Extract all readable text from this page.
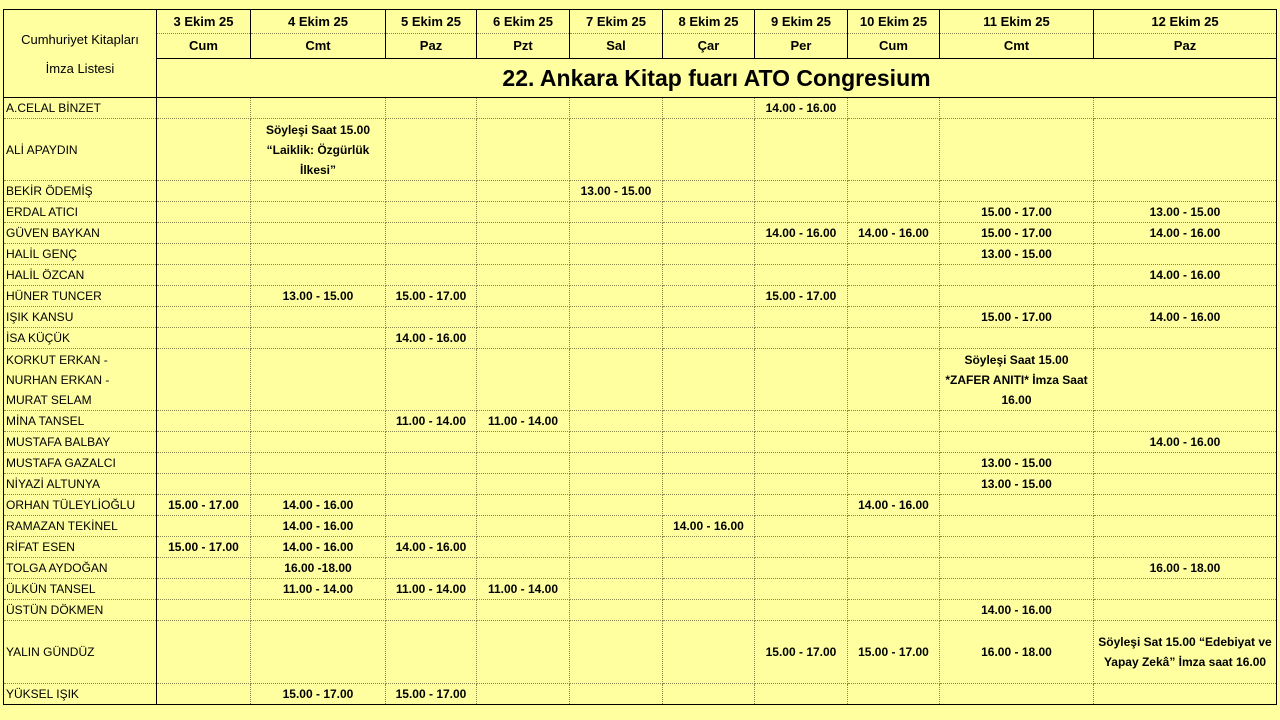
Cumhuriyet Kitapları İmza Listesi	3 Ekim 25	4 Ekim 25	5 Ekim 25	6 Ekim 25	7 Ekim 25	8 Ekim 25	9 Ekim 25	10 Ekim 25	11 Ekim 25	12 Ekim 25
	Cum	Cmt	Paz	Pzt	Sal	Çar	Per	Cum	Cmt	Paz
	22. Ankara Kitap fuarı ATO Congresium									
A.CELAL BİNZET							14.00 - 16.00			
ALİ APAYDIN		Söyleşi Saat 15.00 “Laiklik: Özgürlük İlkesi”								
BEKİR ÖDEMİŞ					13.00 - 15.00					
ERDAL ATICI									15.00 - 17.00	13.00 - 15.00
GÜVEN BAYKAN							14.00 - 16.00	14.00 - 16.00	15.00 - 17.00	14.00 - 16.00
HALİL GENÇ									13.00 - 15.00	
HALİL ÖZCAN										14.00 - 16.00
HÜNER TUNCER		13.00 - 15.00	15.00 - 17.00				15.00 - 17.00			
IŞIK KANSU									15.00 - 17.00	14.00 - 16.00
İSA KÜÇÜK			14.00 - 16.00							
KORKUT ERKAN - NURHAN ERKAN - MURAT SELAM									Söyleşi Saat 15.00 *ZAFER ANITI* İmza Saat 16.00	
MİNA TANSEL			11.00 - 14.00	11.00 - 14.00						
MUSTAFA BALBAY										14.00 - 16.00
MUSTAFA GAZALCI									13.00 - 15.00	
NİYAZİ ALTUNYA									13.00 - 15.00	
ORHAN TÜLEYLİOĞLU	15.00 - 17.00	14.00 - 16.00						14.00 - 16.00		
RAMAZAN TEKİNEL		14.00 - 16.00				14.00 - 16.00				
RİFAT ESEN	15.00 - 17.00	14.00 - 16.00	14.00 - 16.00							
TOLGA AYDOĞAN		16.00 -18.00								16.00 - 18.00
ÜLKÜN TANSEL		11.00 - 14.00	11.00 - 14.00	11.00 - 14.00						
ÜSTÜN DÖKMEN									14.00 - 16.00	
YALIN GÜNDÜZ							15.00 - 17.00	15.00 - 17.00	16.00 - 18.00	Söyleşi Sat 15.00 “Edebiyat ve Yapay Zekâ” İmza saat 16.00
YÜKSEL IŞIK		15.00 - 17.00	15.00 - 17.00							
